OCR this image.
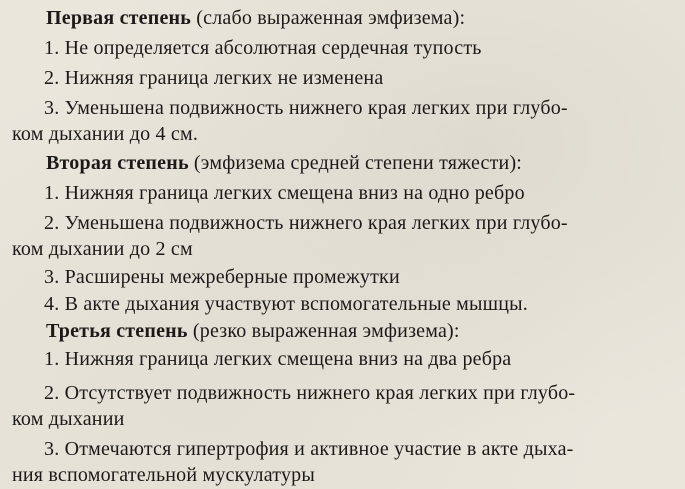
Первая степень (слабо выраженная эмфизема):
1. Не определяется абсолютная сердечная тупость
2. Нижняя граница легких не изменена
3. Уменьшена подвижность нижнего края легких при глубо-
ком дыхании до 4 см.
Вторая степень (эмфизема средней степени тяжести):
1. Нижняя граница легких смещена вниз на одно ребро
2. Уменьшена подвижность нижнего края легких при глубо-
ком дыхании до 2 см
3. Расширены межреберные промежутки
4. В акте дыхания участвуют вспомогательные мышцы.
Третья степень (резко выраженная эмфизема):
1. Нижняя граница легких смещена вниз на два ребра
2. Отсутствует подвижность нижнего края легких при глубо-
ком дыхании
3. Отмечаются гипертрофия и активное участие в акте дыха-
ния вспомогательной мускулатуры
